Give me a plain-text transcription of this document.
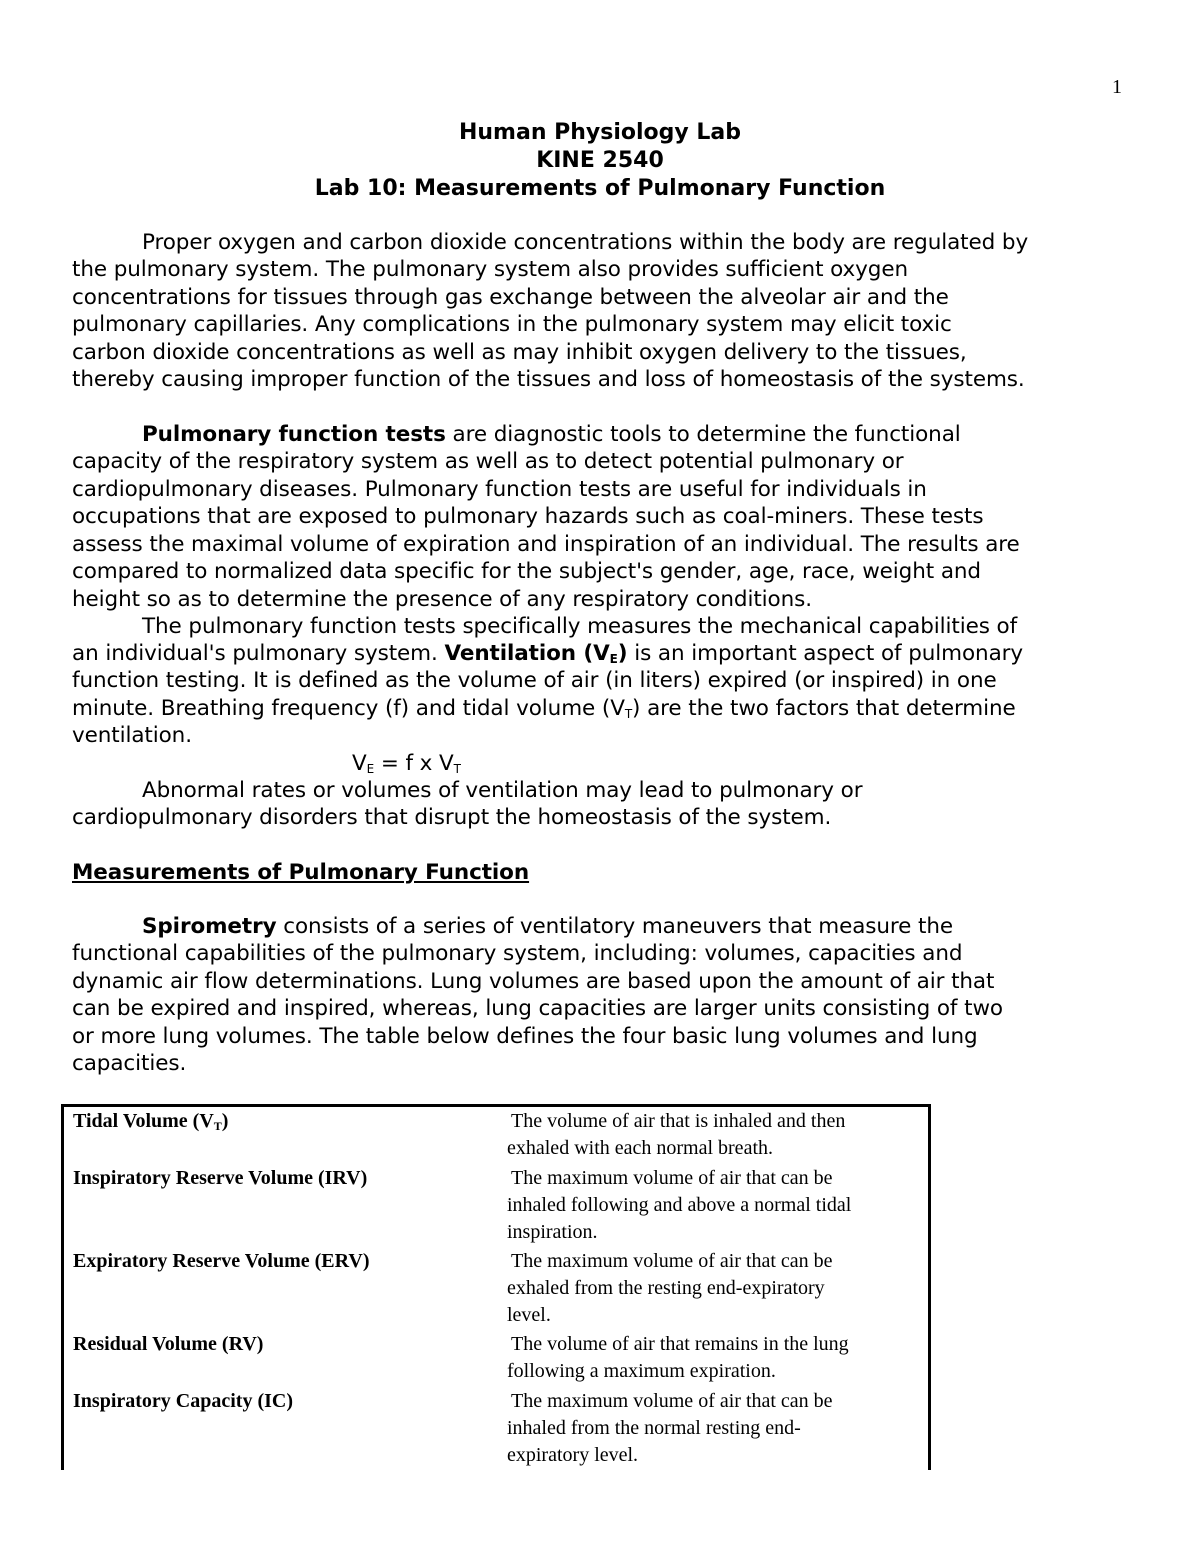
1
Human Physiology Lab
KINE 2540
Lab 10: Measurements of Pulmonary Function
Proper oxygen and carbon dioxide concentrations within the body are regulated by
the pulmonary system. The pulmonary system also provides sufficient oxygen
concentrations for tissues through gas exchange between the alveolar air and the
pulmonary capillaries. Any complications in the pulmonary system may elicit toxic
carbon dioxide concentrations as well as may inhibit oxygen delivery to the tissues,
thereby causing improper function of the tissues and loss of homeostasis of the systems.
Pulmonary function tests are diagnostic tools to determine the functional
capacity of the respiratory system as well as to detect potential pulmonary or
cardiopulmonary diseases. Pulmonary function tests are useful for individuals in
occupations that are exposed to pulmonary hazards such as coal-miners. These tests
assess the maximal volume of expiration and inspiration of an individual. The results are
compared to normalized data specific for the subject's gender, age, race, weight and
height so as to determine the presence of any respiratory conditions.
The pulmonary function tests specifically measures the mechanical capabilities of
an individual's pulmonary system. Ventilation $(V_E)$ is an important aspect of pulmonary
function testing. It is defined as the volume of air (in liters) expired (or inspired) in one
minute. Breathing frequency (f) and tidal volume $(V_T)$ are the two factors that determine
ventilation.
$V_E = f$ x $V_T$
Abnormal rates or volumes of ventilation may lead to pulmonary or
cardiopulmonary disorders that disrupt the homeostasis of the system.
Measurements of Pulmonary Function
Spirometry consists of a series of ventilatory maneuvers that measure the
functional capabilities of the pulmonary system, including: volumes, capacities and
dynamic air flow determinations. Lung volumes are based upon the amount of air that
can be expired and inspired, whereas, lung capacities are larger units consisting of two
or more lung volumes. The table below defines the four basic lung volumes and lung
capacities.
Tidal Volume $(V_T)$	The volume of air that is inhaled and then
exhaled with each normal breath.
Inspiratory Reserve Volume (IRV)	The maximum volume of air that can be
inhaled following and above a normal tidal
inspiration.
Expiratory Reserve Volume (ERV)	The maximum volume of air that can be
exhaled from the resting end-expiratory
level.
Residual Volume (RV)	The volume of air that remains in the lung
following a maximum expiration.
Inspiratory Capacity (IC)	The maximum volume of air that can be
inhaled from the normal resting end-
expiratory level.
